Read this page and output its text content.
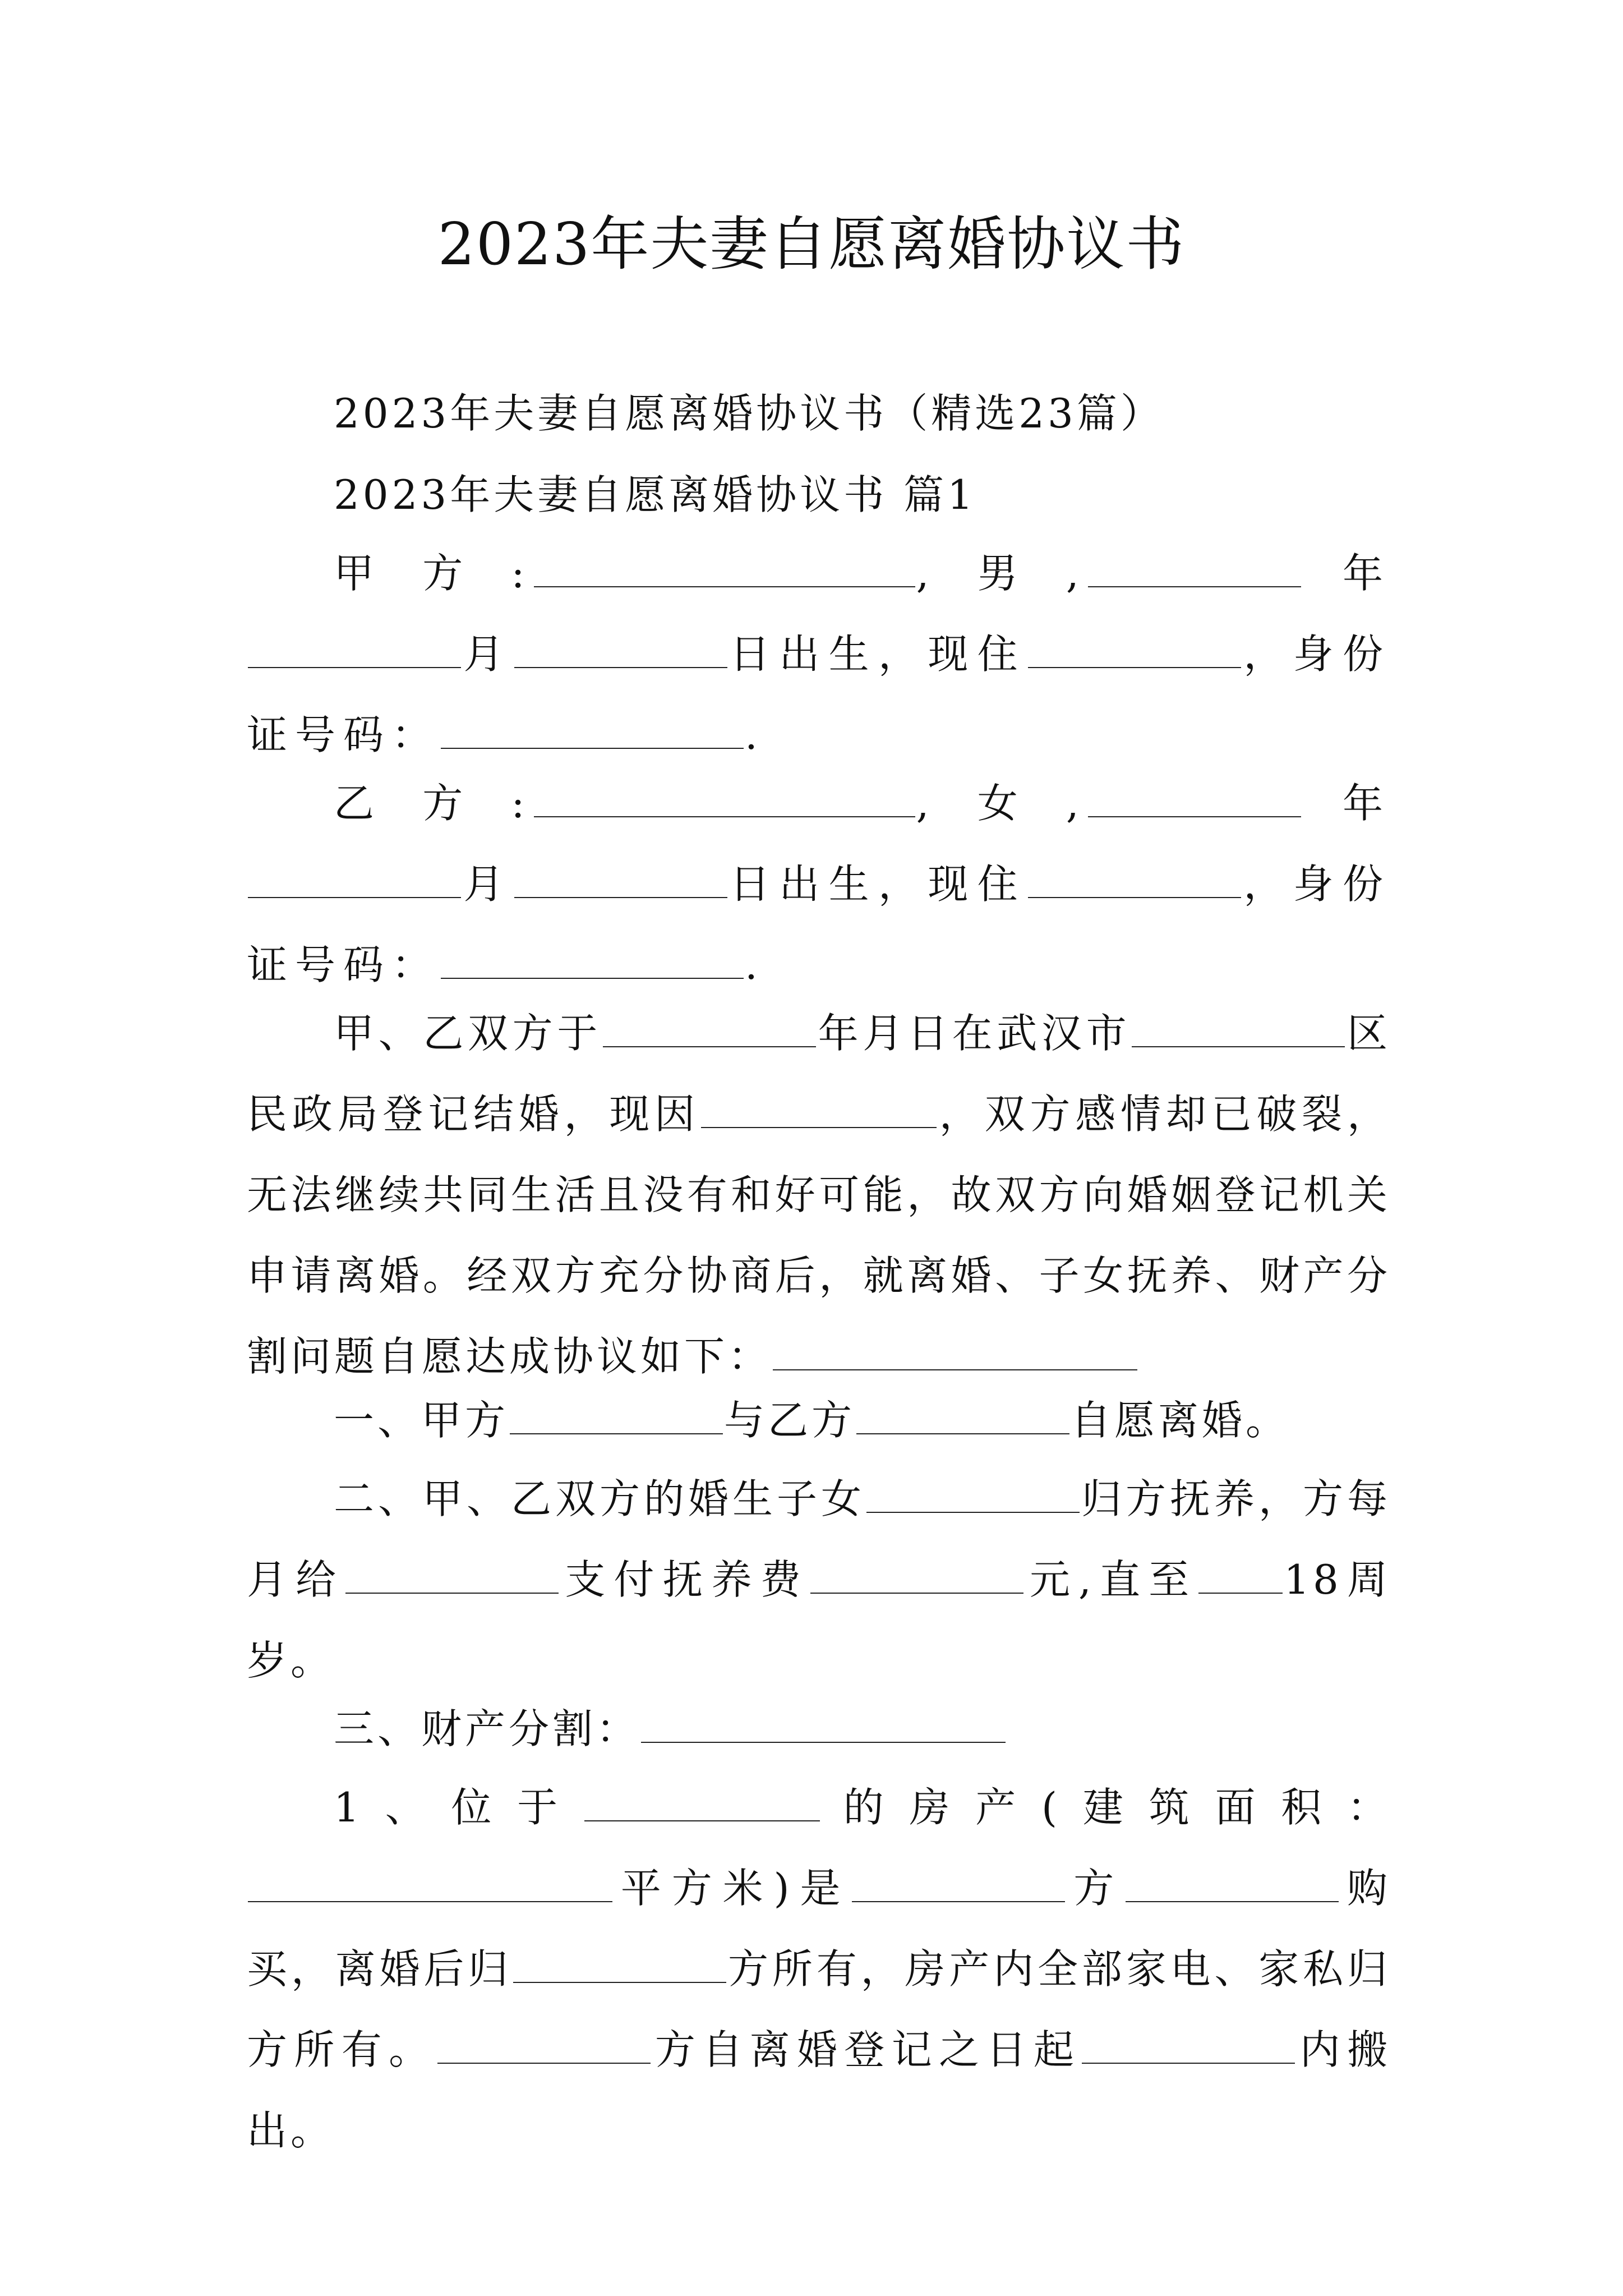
2023年夫妻自愿离婚协议书

2023年夫妻自愿离婚协议书（精选23篇）

2023年夫妻自愿离婚协议书 篇1

甲方:	,男,	年月	日出生，现住	，身份证号码：	.

乙方:	,女,	年月	日出生，现住	，身份证号码：	.

甲、乙双方于	年月日在武汉市	区民政局登记结婚，现因	，双方感情却已破裂，无法继续共同生活且没有和好可能，故双方向婚姻登记机关申请离婚。经双方充分协商后，就离婚、子女抚养、财产分割问题自愿达成协议如下：

一、甲方	与乙方	自愿离婚。

二、甲、乙双方的婚生子女	归方抚养，方每月给	支付抚养费	元,直至 18周岁。

三、财产分割：

1、位于	的房产(建筑面积：平方米)是	方	购买，离婚后归	方所有，房产内全部家电、家私归方所有。	方自离婚登记之日起	内搬出。
